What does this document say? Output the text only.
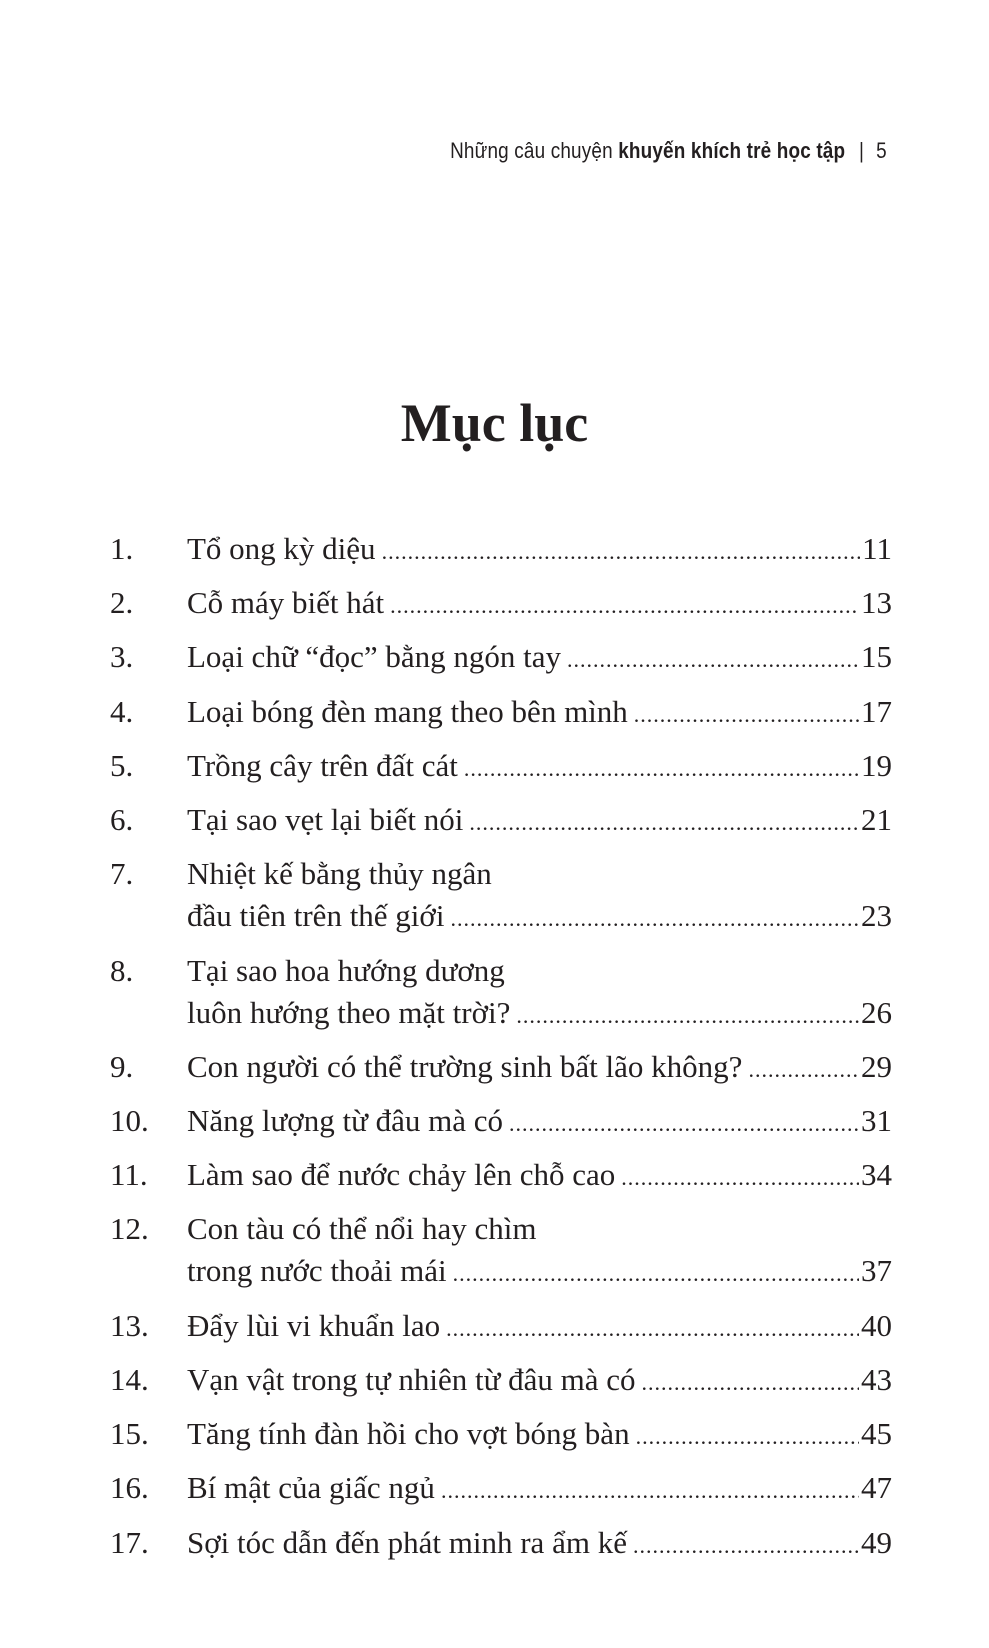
Những câu chuyện khuyến khích trẻ học tập | 5
Mục lục
1.	Tổ ong kỳ diệu .....	11
2.	Cỗ máy biết hát .....	13
3.	Loại chữ “đọc” bằng ngón tay .....	15
4.	Loại bóng đèn mang theo bên mình .....	17
5.	Trồng cây trên đất cát .....	19
6.	Tại sao vẹt lại biết nói .....	21
7.	Nhiệt kế bằng thủy ngân
đầu tiên trên thế giới .....	23
8.	Tại sao hoa hướng dương
luôn hướng theo mặt trời? .....	26
9.	Con người có thể trường sinh bất lão không? .....	29
10.	Năng lượng từ đâu mà có .....	31
11.	Làm sao để nước chảy lên chỗ cao .....	34
12.	Con tàu có thể nổi hay chìm
trong nước thoải mái .....	37
13.	Đẩy lùi vi khuẩn lao .....	40
14.	Vạn vật trong tự nhiên từ đâu mà có .....	43
15.	Tăng tính đàn hồi cho vợt bóng bàn .....	45
16.	Bí mật của giấc ngủ .....	47
17.	Sợi tóc dẫn đến phát minh ra ẩm kế .....	49
